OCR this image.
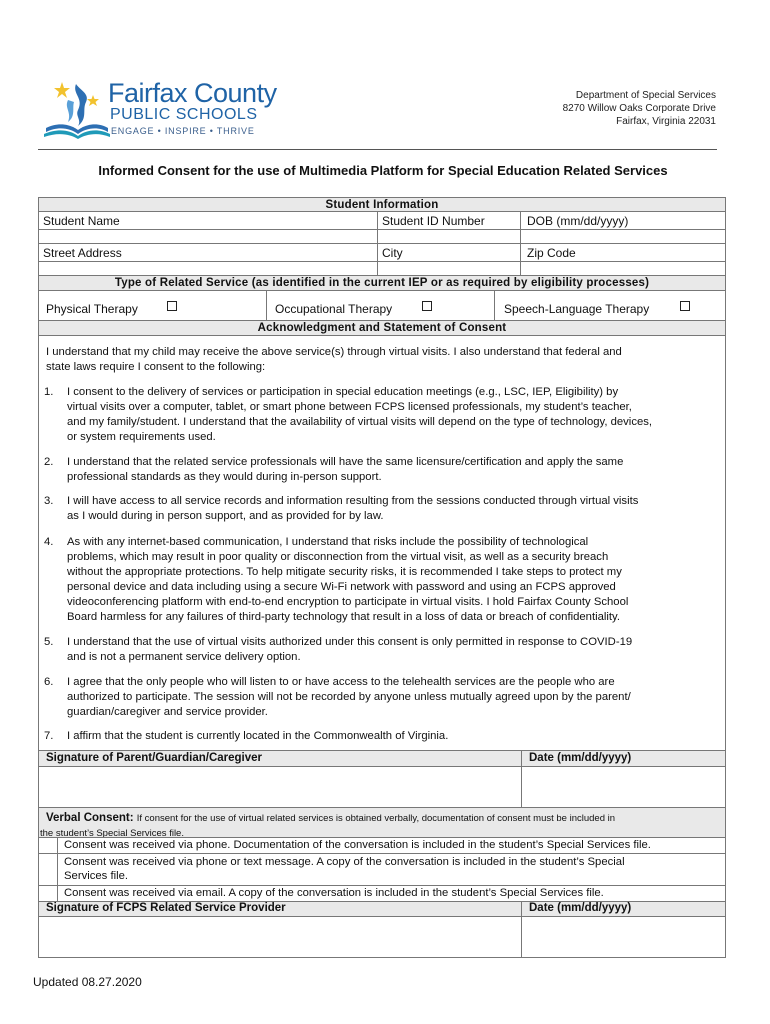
Fairfax County
PUBLIC SCHOOLS
ENGAGE • INSPIRE • THRIVE
Department of Special Services
8270 Willow Oaks Corporate Drive
Fairfax, Virginia 22031
Informed Consent for the use of Multimedia Platform for Special Education Related Services
Student Information
Student Name	Student ID Number	DOB (mm/dd/yyyy)
Street Address	City	Zip Code
Type of Related Service (as identified in the current IEP or as required by eligibility processes)
Physical Therapy	Occupational Therapy	Speech-Language Therapy
Acknowledgment and Statement of Consent
I understand that my child may receive the above service(s) through virtual visits. I also understand that federal and
state laws require I consent to the following:
1. I consent to the delivery of services or participation in special education meetings (e.g., LSC, IEP, Eligibility) by
virtual visits over a computer, tablet, or smart phone between FCPS licensed professionals, my student’s teacher,
and my family/student. I understand that the availability of virtual visits will depend on the type of technology, devices,
or system requirements used.
2. I understand that the related service professionals will have the same licensure/certification and apply the same
professional standards as they would during in-person support.
3. I will have access to all service records and information resulting from the sessions conducted through virtual visits
as I would during in person support, and as provided for by law.
4. As with any internet-based communication, I understand that risks include the possibility of technological
problems, which may result in poor quality or disconnection from the virtual visit, as well as a security breach
without the appropriate protections. To help mitigate security risks, it is recommended I take steps to protect my
personal device and data including using a secure Wi-Fi network with password and using an FCPS approved
videoconferencing platform with end-to-end encryption to participate in virtual visits. I hold Fairfax County School
Board harmless for any failures of third-party technology that result in a loss of data or breach of confidentiality.
5. I understand that the use of virtual visits authorized under this consent is only permitted in response to COVID-19
and is not a permanent service delivery option.
6. I agree that the only people who will listen to or have access to the telehealth services are the people who are
authorized to participate. The session will not be recorded by anyone unless mutually agreed upon by the parent/
guardian/caregiver and service provider.
7. I affirm that the student is currently located in the Commonwealth of Virginia.
Signature of Parent/Guardian/Caregiver	Date (mm/dd/yyyy)
Verbal Consent: If consent for the use of virtual related services is obtained verbally, documentation of consent must be included in
the student’s Special Services file.
Consent was received via phone. Documentation of the conversation is included in the student’s Special Services file.
Consent was received via phone or text message. A copy of the conversation is included in the student’s Special
Services file.
Consent was received via email. A copy of the conversation is included in the student’s Special Services file.
Signature of FCPS Related Service Provider	Date (mm/dd/yyyy)
Updated 08.27.2020
